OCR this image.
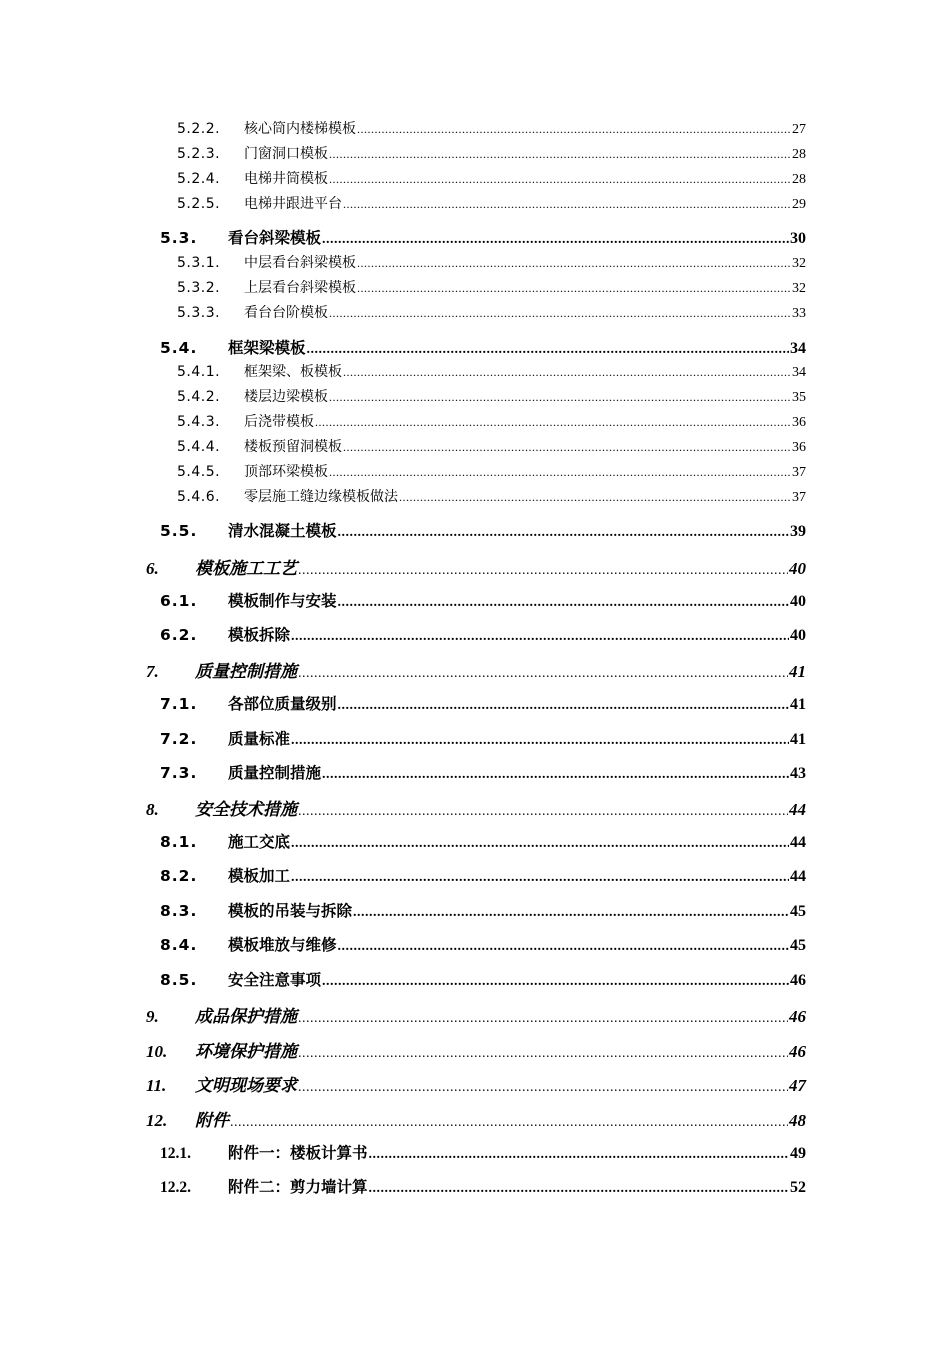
5.2.2.	核心筒内楼梯模板 .....	27
5.2.3.	门窗洞口模板 .....	28
5.2.4.	电梯井筒模板 .....	28
5.2.5.	电梯井跟进平台 .....	29
5.3.	看台斜梁模板 .....	30
5.3.1.	中层看台斜梁模板 .....	32
5.3.2.	上层看台斜梁模板 .....	32
5.3.3.	看台台阶模板 .....	33
5.4.	框架梁模板 .....	34
5.4.1.	框架梁、板模板 .....	34
5.4.2.	楼层边梁模板 .....	35
5.4.3.	后浇带模板 .....	36
5.4.4.	楼板预留洞模板 .....	36
5.4.5.	顶部环梁模板 .....	37
5.4.6.	零层施工缝边缘模板做法 .....	37
5.5.	清水混凝土模板 .....	39
6.	模板施工工艺 .....	40
6.1.	模板制作与安装 .....	40
6.2.	模板拆除 .....	40
7.	质量控制措施 .....	41
7.1.	各部位质量级别 .....	41
7.2.	质量标准 .....	41
7.3.	质量控制措施 .....	43
8.	安全技术措施 .....	44
8.1.	施工交底 .....	44
8.2.	模板加工 .....	44
8.3.	模板的吊装与拆除 .....	45
8.4.	模板堆放与维修 .....	45
8.5.	安全注意事项 .....	46
9.	成品保护措施 .....	46
10.	环境保护措施 .....	46
11.	文明现场要求 .....	47
12.	附件 .....	48
12.1.	附件一：楼板计算书 .....	49
12.2.	附件二：剪力墙计算 .....	52
